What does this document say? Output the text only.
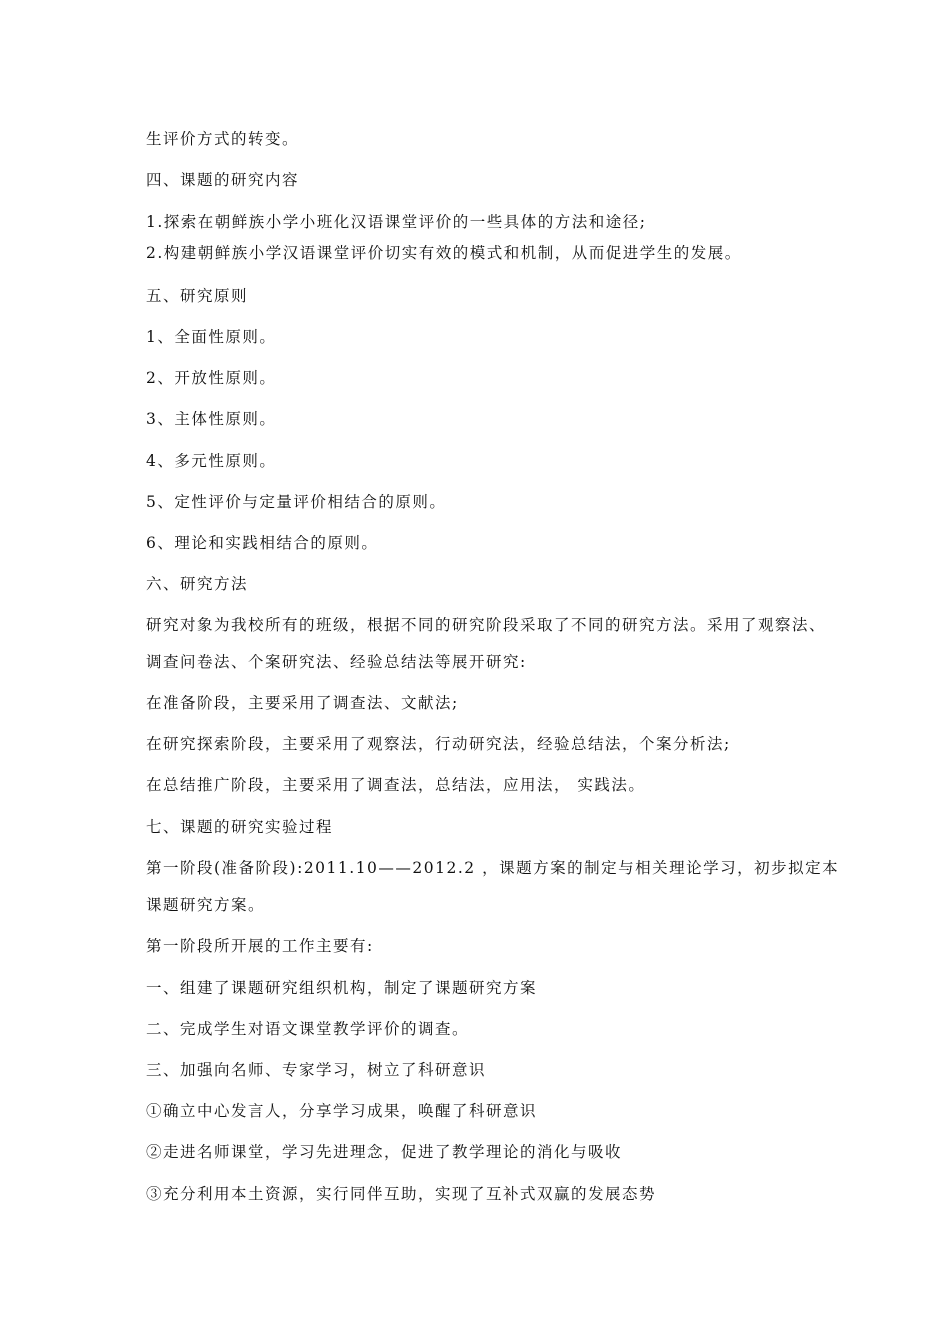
生评价方式的转变。
四、课题的研究内容
1.探索在朝鲜族小学小班化汉语课堂评价的一些具体的方法和途径;
2.构建朝鲜族小学汉语课堂评价切实有效的模式和机制，从而促进学生的发展。
五、研究原则
1、全面性原则。
2、开放性原则。
3、主体性原则。
4、多元性原则。
5、定性评价与定量评价相结合的原则。
6、理论和实践相结合的原则。
六、研究方法
研究对象为我校所有的班级，根据不同的研究阶段采取了不同的研究方法。采用了观察法、
调查问卷法、个案研究法、经验总结法等展开研究:
在准备阶段，主要采用了调查法、文献法;
在研究探索阶段，主要采用了观察法，行动研究法，经验总结法，个案分析法;
在总结推广阶段，主要采用了调查法，总结法，应用法， 实践法。
七、课题的研究实验过程
第一阶段(准备阶段):2011.10——2012.2 ，课题方案的制定与相关理论学习，初步拟定本
课题研究方案。
第一阶段所开展的工作主要有:
一、组建了课题研究组织机构，制定了课题研究方案
二、完成学生对语文课堂教学评价的调查。
三、加强向名师、专家学习，树立了科研意识
①确立中心发言人，分享学习成果，唤醒了科研意识
②走进名师课堂，学习先进理念，促进了教学理论的消化与吸收
③充分利用本土资源，实行同伴互助，实现了互补式双赢的发展态势
